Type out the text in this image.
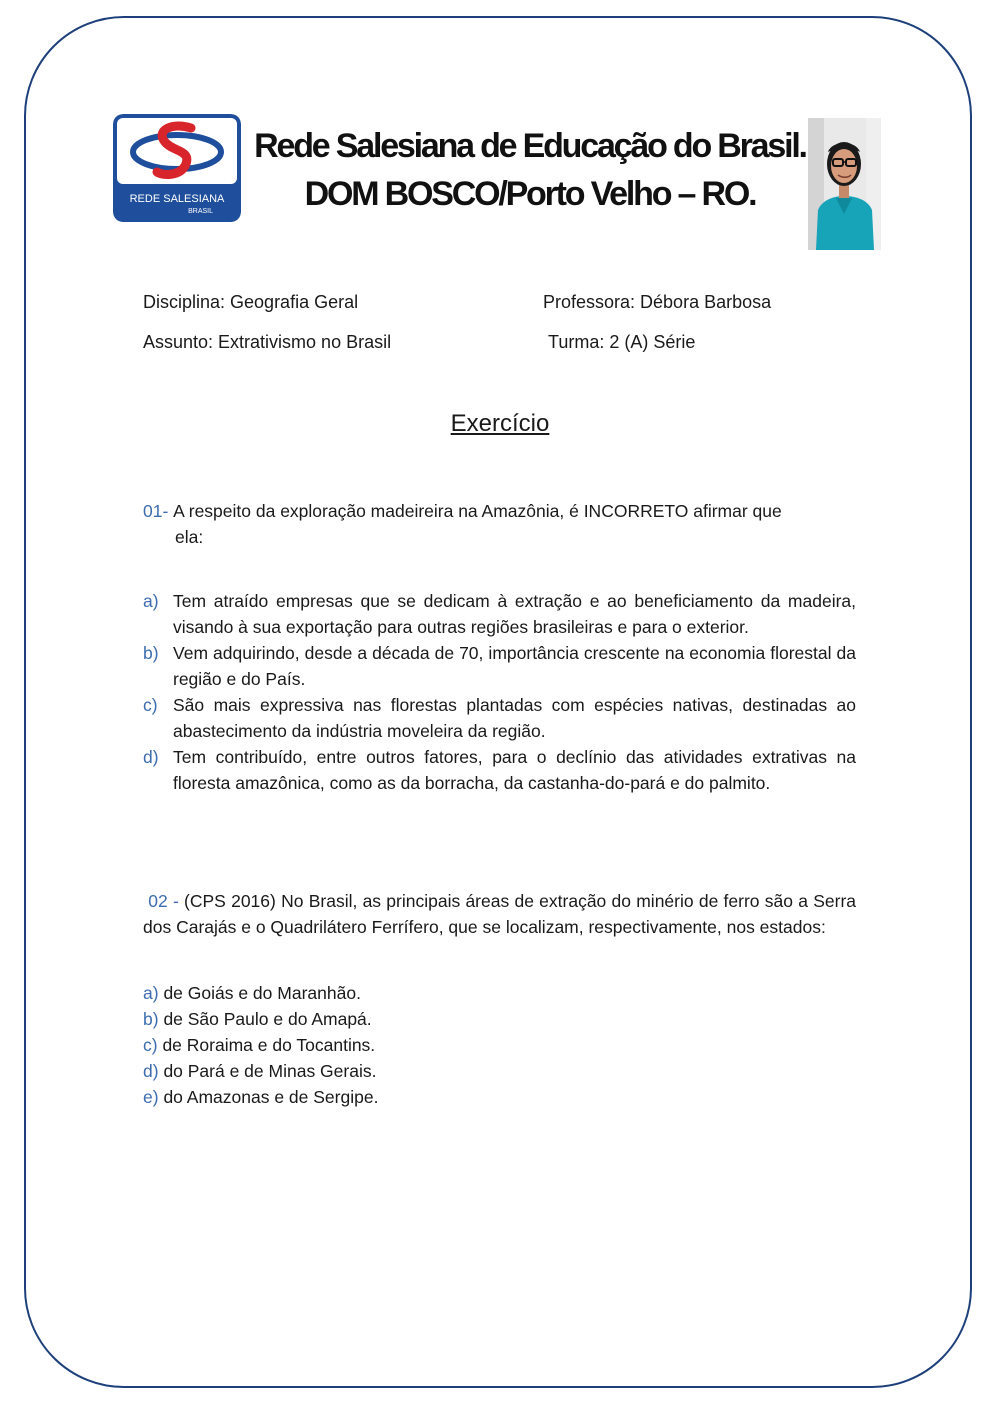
REDE SALESIANA
BRASIL
Rede Salesiana de Educação do Brasil.
DOM BOSCO/Porto Velho – RO.
Disciplina: Geografia Geral	Professora: Débora Barbosa
Assunto: Extrativismo no Brasil	Turma: 2 (A) Série
Exercício
01- A respeito da exploração madeireira na Amazônia, é INCORRETO afirmar que
ela:
a) Tem atraído empresas que se dedicam à extração e ao beneficiamento da madeira, visando à sua exportação para outras regiões brasileiras e para o exterior.
b) Vem adquirindo, desde a década de 70, importância crescente na economia florestal da região e do País.
c) São mais expressiva nas florestas plantadas com espécies nativas, destinadas ao abastecimento da indústria moveleira da região.
d) Tem contribuído, entre outros fatores, para o declínio das atividades extrativas na floresta amazônica, como as da borracha, da castanha-do-pará e do palmito.
02 - (CPS 2016) No Brasil, as principais áreas de extração do minério de ferro são a Serra dos Carajás e o Quadrilátero Ferrífero, que se localizam, respectivamente, nos estados:
a) de Goiás e do Maranhão.
b) de São Paulo e do Amapá.
c) de Roraima e do Tocantins.
d) do Pará e de Minas Gerais.
e) do Amazonas e de Sergipe.
